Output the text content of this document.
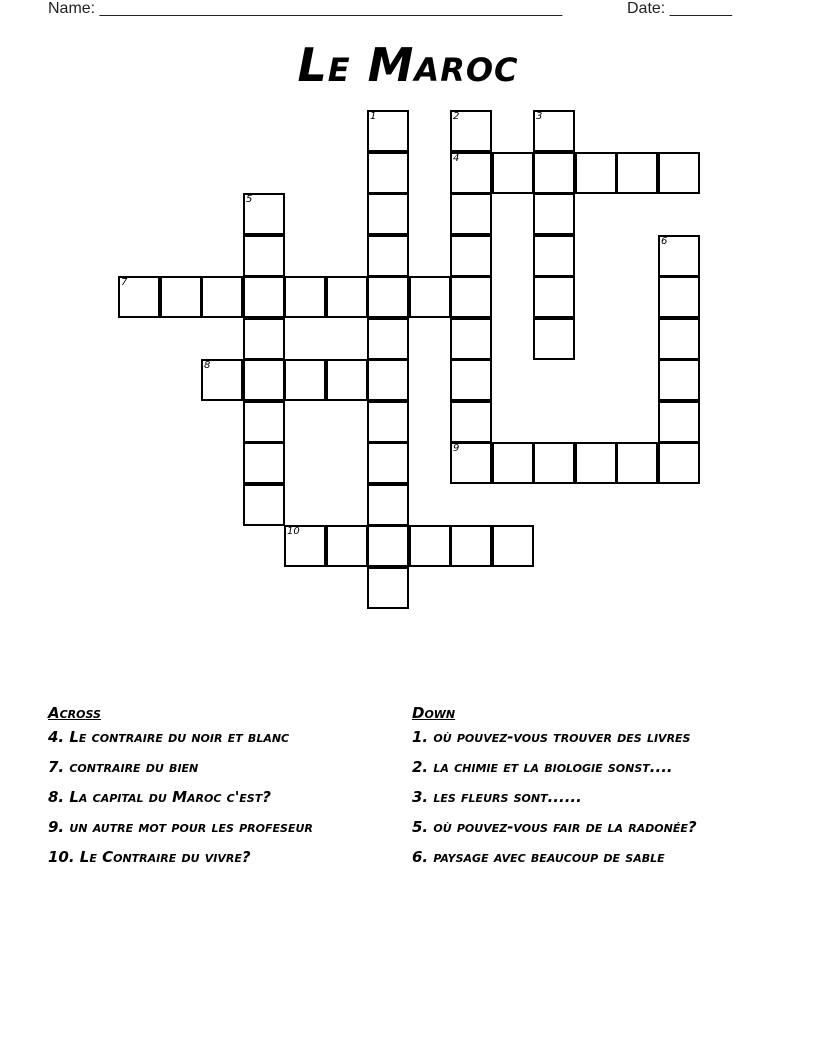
Name: ____________________________________________________	Date: _______
Le Maroc
1	2
4
3
5
6
7
8
9
10
Across
4. Le contraire du noir et blanc
7. contraire du bien
8. La capital du Maroc c'est?
9. un autre mot pour les profeseur
10. Le Contraire du vivre?
Down
1. où pouvez-vous trouver des livres
2. la chimie et la biologie sonst....
3. les fleurs sont......
5. où pouvez-vous fair de la radonée?
6. paysage avec beaucoup de sable
